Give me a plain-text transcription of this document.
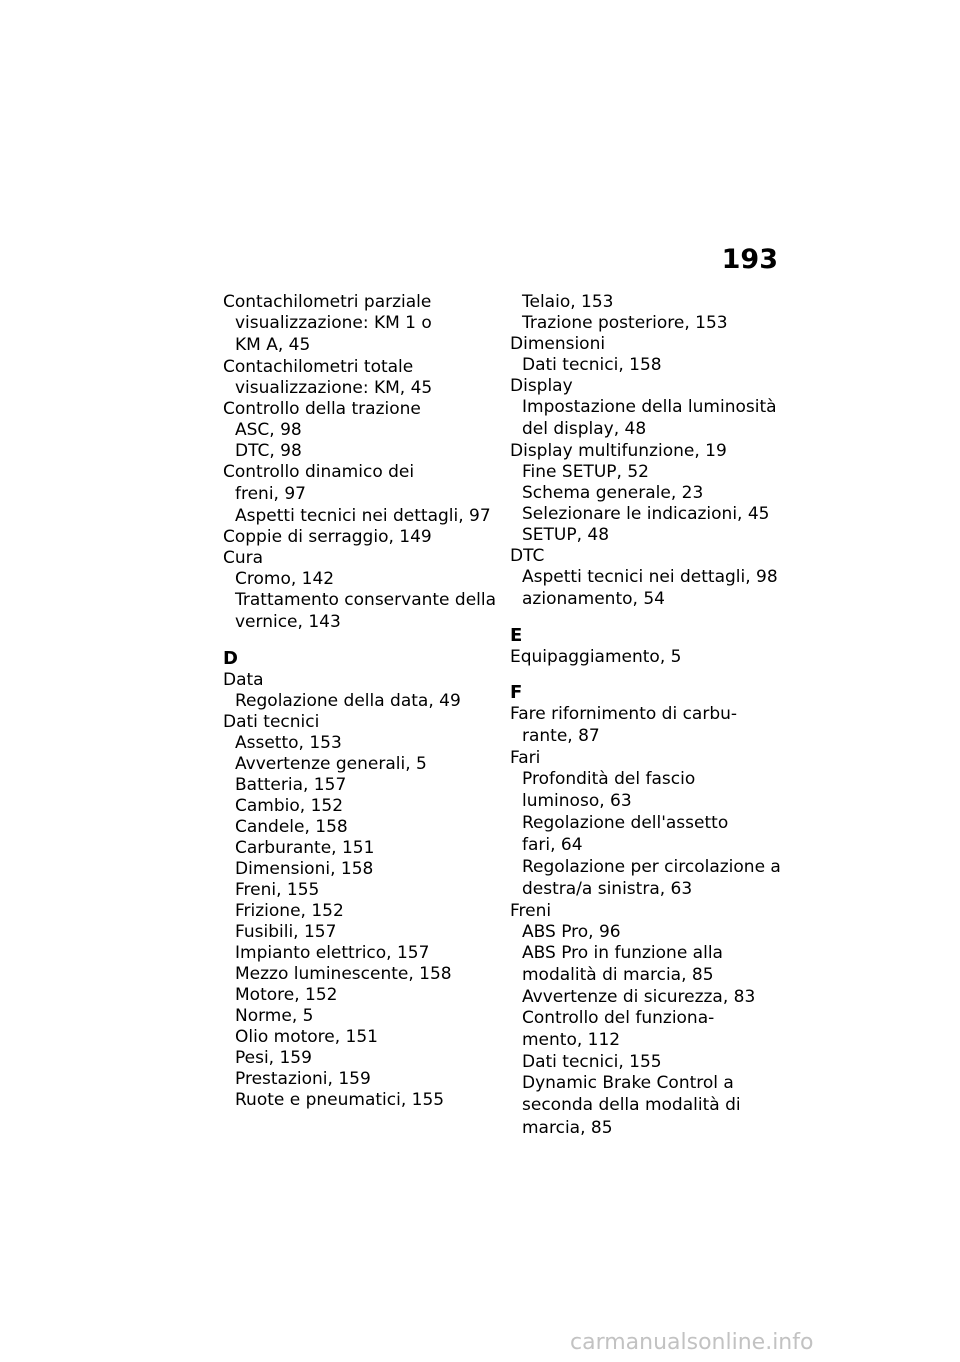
193
Contachilometri parziale
visualizzazione: KM 1 o
KM A, 45
Contachilometri totale
visualizzazione: KM, 45
Controllo della trazione
ASC, 98
DTC, 98
Controllo dinamico dei
freni, 97
Aspetti tecnici nei dettagli, 97
Coppie di serraggio, 149
Cura
Cromo, 142
Trattamento conservante della
vernice, 143
D
Data
Regolazione della data, 49
Dati tecnici
Assetto, 153
Avvertenze generali, 5
Batteria, 157
Cambio, 152
Candele, 158
Carburante, 151
Dimensioni, 158
Freni, 155
Frizione, 152
Fusibili, 157
Impianto elettrico, 157
Mezzo luminescente, 158
Motore, 152
Norme, 5
Olio motore, 151
Pesi, 159
Prestazioni, 159
Ruote e pneumatici, 155
Telaio, 153
Trazione posteriore, 153
Dimensioni
Dati tecnici, 158
Display
Impostazione della luminosità
del display, 48
Display multifunzione, 19
Fine SETUP, 52
Schema generale, 23
Selezionare le indicazioni, 45
SETUP, 48
DTC
Aspetti tecnici nei dettagli, 98
azionamento, 54
E
Equipaggiamento, 5
F
Fare rifornimento di carbu-
rante, 87
Fari
Profondità del fascio
luminoso, 63
Regolazione dell'assetto
fari, 64
Regolazione per circolazione a
destra/a sinistra, 63
Freni
ABS Pro, 96
ABS Pro in funzione alla
modalità di marcia, 85
Avvertenze di sicurezza, 83
Controllo del funziona-
mento, 112
Dati tecnici, 155
Dynamic Brake Control a
seconda della modalità di
marcia, 85
carmanualsonline.info
